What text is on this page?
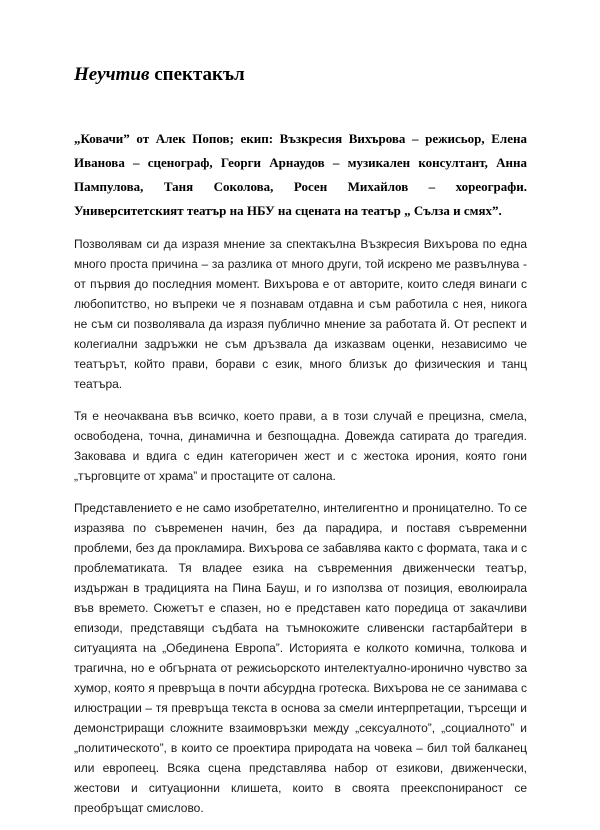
Неучтив спектакъл

„Ковачи” от Алек Попов; екип: Възкресия Вихърова – режисьор, Елена Иванова – сценограф, Георги Арнаудов – музикален консултант, Анна Пампулова, Таня Соколова, Росен Михайлов – хореографи. Университетският театър на НБУ на сцената на театър „ Сълза и смях”.

Позволявам си да изразя мнение за спектакълна Възкресия Вихърова по една много проста причина – за разлика от много други, той искрено ме развълнува - от първия до последния момент. Вихърова е от авторите, които следя винаги с любопитство, но въпреки че я познавам отдавна и съм работила с нея, никога не съм си позволявала да изразя публично мнение за работата й. От респект и колегиални задръжки не съм дръзвала да изказвам оценки, независимо че театърът, който прави, борави с език, много близък до физическия и танц театъра.

Тя е неочаквана във всичко, което прави, а в този случай е прецизна, смела, освободена, точна, динамична и безпощадна. Довежда сатирата до трагедия. Заковава и вдига с един категоричен жест и с жестока ирония, която гони „търговците от храма” и простаците от салона.

Представлението е не само изобретателно, интелигентно и проницателно. То се изразява по съвременен начин, без да парадира, и поставя съвременни проблеми, без да прокламира. Вихърова се забавлява както с формата, така и с проблематиката. Тя владее езика на съвременния движенчески театър, издържан в традицията на Пина Бауш, и го използва от позиция, еволюирала във времето. Сюжетът е спазен, но е представен като поредица от закачливи епизоди, представящи съдбата на тъмнокожите сливенски гастарбайтери в ситуацията на „Обединена Европа”. Историята е колкото комична, толкова и трагична, но е обгърната от режисьорското интелектуално-иронично чувство за хумор, която я превръща в почти абсурдна гротеска. Вихърова не се занимава с илюстрации – тя превръща текста в основа за смели интерпретации, търсещи и демонстриращи сложните взаимовръзки между „сексуалното”, „социалното” и „политическото”, в които се проектира природата на човека – бил той балканец или европеец. Всяка сцена представлява набор от езикови, движенчески, жестови и ситуационни клишета, които в своята преекспонираност се преобръщат смислово.
